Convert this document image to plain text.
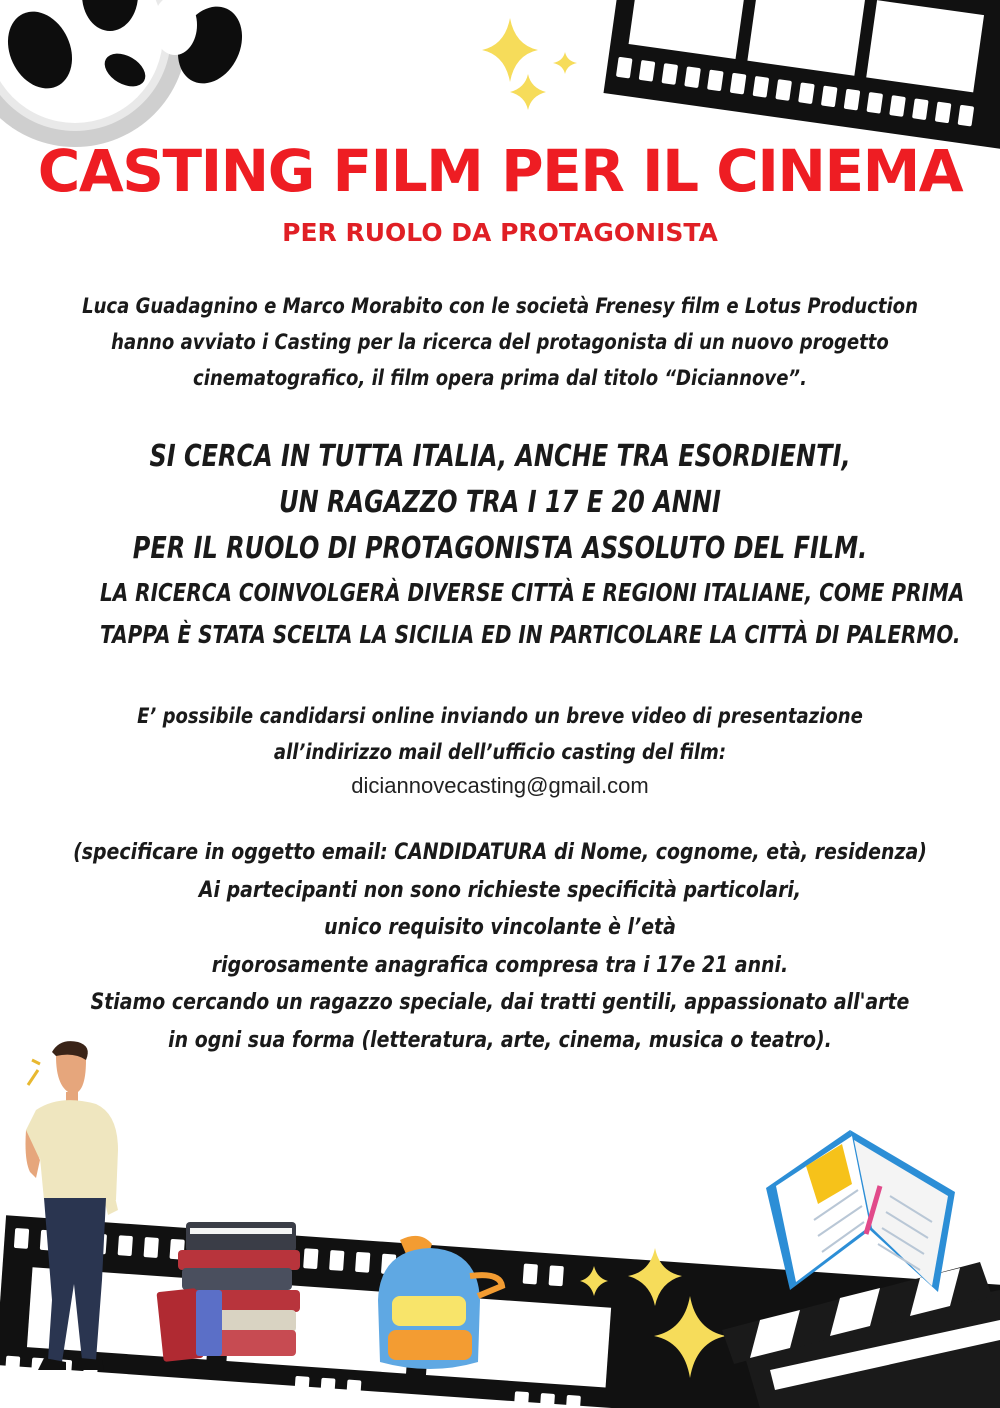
CASTING FILM PER IL CINEMA
PER RUOLO DA PROTAGONISTA
Luca Guadagnino e Marco Morabito con le società Frenesy film e Lotus Production
hanno avviato i Casting per la ricerca del protagonista di un nuovo progetto
cinematografico, il film opera prima dal titolo “Diciannove”.
SI CERCA IN TUTTA ITALIA, ANCHE TRA ESORDIENTI,
UN RAGAZZO TRA I 17 E 20 ANNI
PER IL RUOLO DI PROTAGONISTA ASSOLUTO DEL FILM.
LA RICERCA COINVOLGERÀ DIVERSE CITTÀ E REGIONI ITALIANE, COME PRIMA
TAPPA È STATA SCELTA LA SICILIA ED IN PARTICOLARE LA CITTÀ DI PALERMO.
E’ possibile candidarsi online inviando un breve video di presentazione
all’indirizzo mail dell’ufficio casting del film:
diciannovecasting@gmail.com
(specificare in oggetto email: CANDIDATURA di Nome, cognome, età, residenza)
Ai partecipanti non sono richieste specificità particolari,
unico requisito vincolante è l’età
rigorosamente anagrafica compresa tra i 17e 21 anni.
Stiamo cercando un ragazzo speciale, dai tratti gentili, appassionato all'arte
in ogni sua forma (letteratura, arte, cinema, musica o teatro).
